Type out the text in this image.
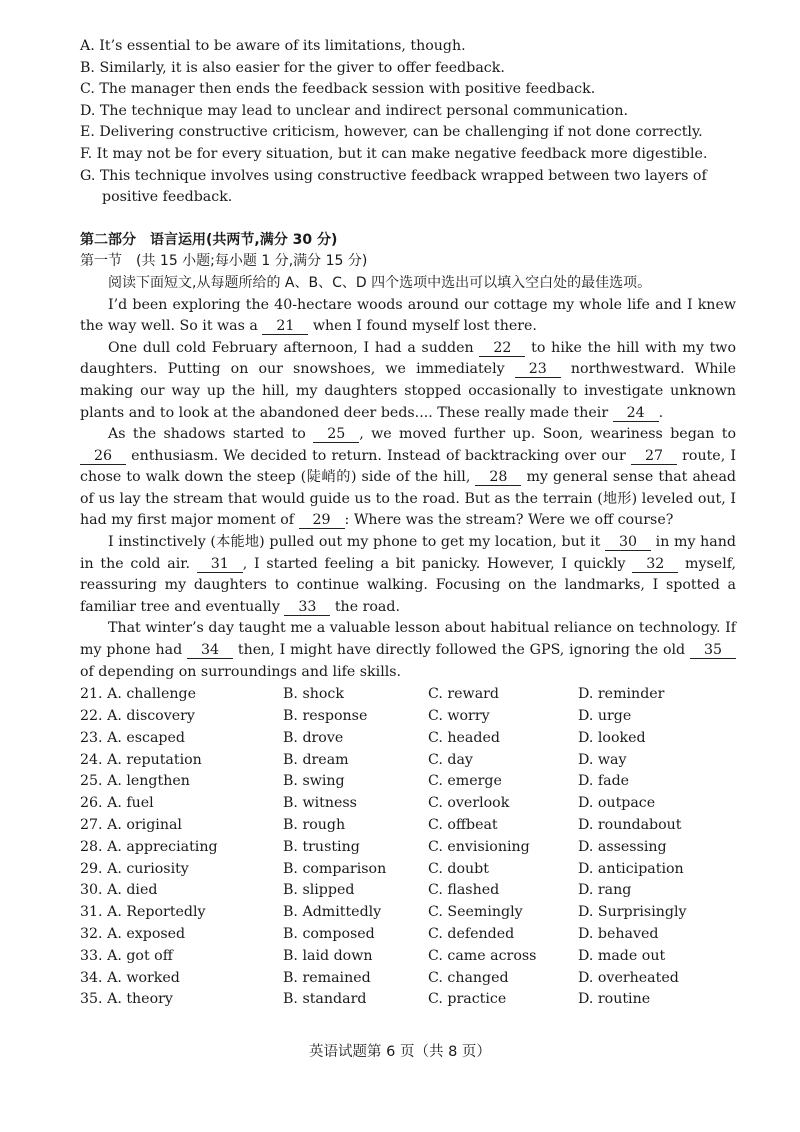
A. It’s essential to be aware of its limitations, though.

B. Similarly, it is also easier for the giver to offer feedback.

C. The manager then ends the feedback session with positive feedback.

D. The technique may lead to unclear and indirect personal communication.

E. Delivering constructive criticism, however, can be challenging if not done correctly.

F. It may not be for every situation, but it can make negative feedback more digestible.

G. This technique involves using constructive feedback wrapped between two layers of positive feedback.

第二部分　语言运用(共两节,满分 30 分)
第一节　(共 15 小题;每小题 1 分,满分 15 分)
阅读下面短文,从每题所给的 A、B、C、D 四个选项中选出可以填入空白处的最佳选项。

I’d been exploring the 40-hectare woods around our cottage my whole life and I knew the way well. So it was a 21 when I found myself lost there.

One dull cold February afternoon, I had a sudden 22 to hike the hill with my two daughters. Putting on our snowshoes, we immediately 23 northwestward. While making our way up the hill, my daughters stopped occasionally to investigate unknown plants and to look at the abandoned deer beds.... These really made their 24 .

As the shadows started to 25 , we moved further up. Soon, weariness began to 26 enthusiasm. We decided to return. Instead of backtracking over our 27 route, I chose to walk down the steep (陡峭的) side of the hill, 28 my general sense that ahead of us lay the stream that would guide us to the road. But as the terrain (地形) leveled out, I had my first major moment of 29 : Where was the stream? Were we off course?

I instinctively (本能地) pulled out my phone to get my location, but it 30 in my hand in the cold air. 31 , I started feeling a bit panicky. However, I quickly 32 myself, reassuring my daughters to continue walking. Focusing on the landmarks, I spotted a familiar tree and eventually 33 the road.

That winter’s day taught me a valuable lesson about habitual reliance on technology. If my phone had 34 then, I might have directly followed the GPS, ignoring the old 35 of depending on surroundings and life skills.

21. A. challenge	B. shock	C. reward	D. reminder
22. A. discovery	B. response	C. worry	D. urge
23. A. escaped	B. drove	C. headed	D. looked
24. A. reputation	B. dream	C. day	D. way
25. A. lengthen	B. swing	C. emerge	D. fade
26. A. fuel	B. witness	C. overlook	D. outpace
27. A. original	B. rough	C. offbeat	D. roundabout
28. A. appreciating	B. trusting	C. envisioning	D. assessing
29. A. curiosity	B. comparison	C. doubt	D. anticipation
30. A. died	B. slipped	C. flashed	D. rang
31. A. Reportedly	B. Admittedly	C. Seemingly	D. Surprisingly
32. A. exposed	B. composed	C. defended	D. behaved
33. A. got off	B. laid down	C. came across	D. made out
34. A. worked	B. remained	C. changed	D. overheated
35. A. theory	B. standard	C. practice	D. routine
英语试题第 6 页（共 8 页）
